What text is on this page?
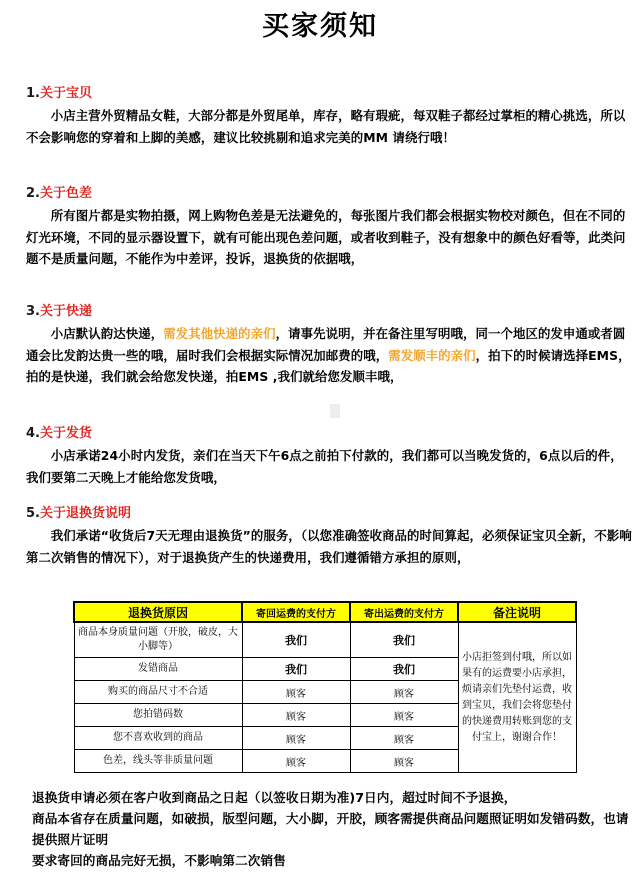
买家须知
1.关于宝贝
小店主营外贸精品女鞋，大部分都是外贸尾单，库存，略有瑕疵，每双鞋子都经过掌柜的精心挑选，所以不会影响您的穿着和上脚的美感，建议比较挑剔和追求完美的MM 请绕行哦！
2.关于色差
所有图片都是实物拍摄，网上购物色差是无法避免的，每张图片我们都会根据实物校对颜色，但在不同的灯光环境，不同的显示器设置下，就有可能出现色差问题，或者收到鞋子，没有想象中的颜色好看等，此类问题不是质量问题，不能作为中差评，投诉，退换货的依据哦，
3.关于快递
小店默认韵达快递，需发其他快递的亲们，请事先说明，并在备注里写明哦，同一个地区的发申通或者圆通会比发韵达贵一些的哦，届时我们会根据实际情况加邮费的哦，需发顺丰的亲们，拍下的时候请选择EMS，拍的是快递，我们就会给您发快递，拍EMS ,我们就给您发顺丰哦，
4.关于发货
小店承诺24小时内发货，亲们在当天下午6点之前拍下付款的，我们都可以当晚发货的，6点以后的件，我们要第二天晚上才能给您发货哦，
5.关于退换货说明
我们承诺“收货后7天无理由退换货”的服务，（以您准确签收商品的时间算起，必须保证宝贝全新，不影响第二次销售的情况下），对于退换货产生的快递费用，我们遵循错方承担的原则，
退换货原因	寄回运费的支付方	寄出运费的支付方	备注说明
商品本身质量问题（开胶，破皮，大小脚等）	我们	我们	小店拒签到付哦，所以如果有的运费要小店承担，烦请亲们先垫付运费，收到宝贝，我们会将您垫付的快递费用转账到您的支付宝上，谢谢合作！
发错商品	我们	我们	
购买的商品尺寸不合适	顾客	顾客	
您拍错码数	顾客	顾客	
您不喜欢收到的商品	顾客	顾客	
色差，线头等非质量问题	顾客	顾客	

退换货申请必须在客户收到商品之日起（以签收日期为准)7日内，超过时间不予退换，

商品本省存在质量问题，如破损，版型问题，大小脚，开胶，顾客需提供商品问题照证明如发错码数，也请提供照片证明

要求寄回的商品完好无损，不影响第二次销售
